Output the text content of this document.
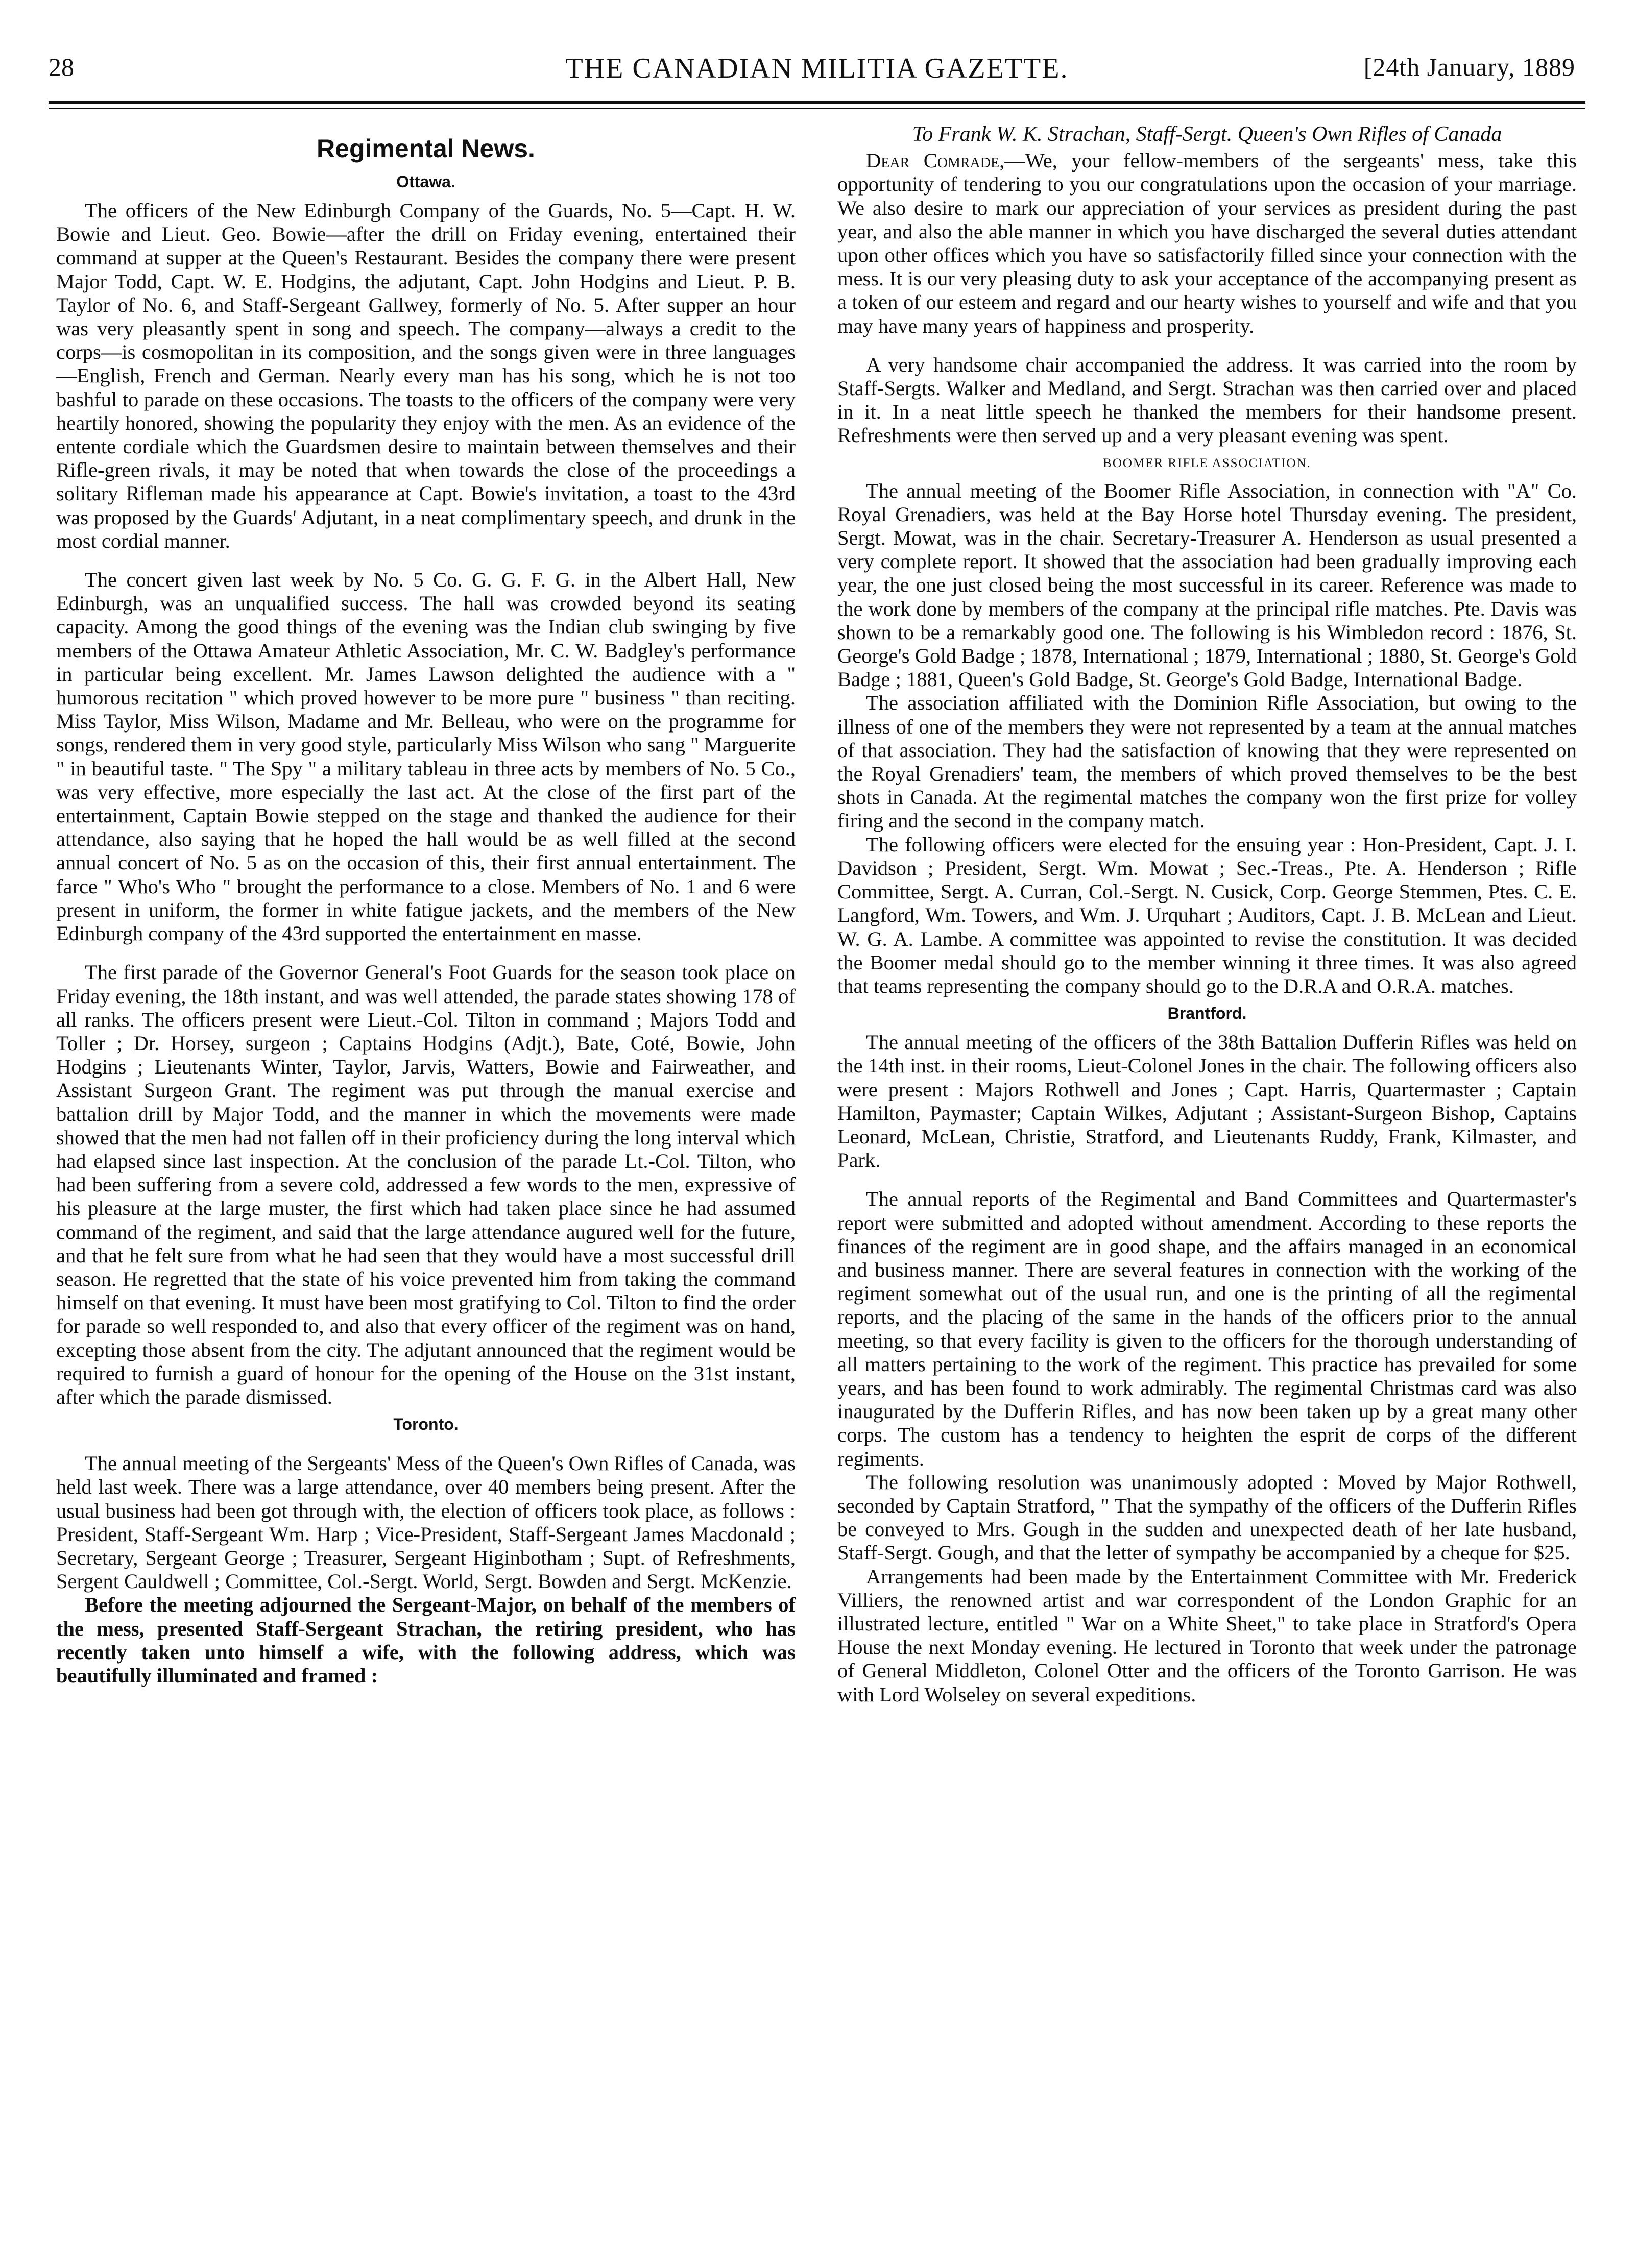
28	THE CANADIAN MILITIA GAZETTE.	[24th January, 1889
Regimental News.
Ottawa.

The officers of the New Edinburgh Company of the Guards, No. 5—Capt. H. W. Bowie and Lieut. Geo. Bowie—after the drill on Friday evening, entertained their command at supper at the Queen's Restaurant. Besides the company there were present Major Todd, Capt. W. E. Hodgins, the adjutant, Capt. John Hodgins and Lieut. P. B. Taylor of No. 6, and Staff-Sergeant Gallwey, formerly of No. 5. After supper an hour was very pleasantly spent in song and speech. The company—always a credit to the corps—is cosmopolitan in its composition, and the songs given were in three languages—English, French and German. Nearly every man has his song, which he is not too bashful to parade on these occasions. The toasts to the officers of the company were very heartily honored, showing the popularity they enjoy with the men. As an evidence of the entente cordiale which the Guardsmen desire to maintain between themselves and their Rifle-green rivals, it may be noted that when towards the close of the proceedings a solitary Rifleman made his appearance at Capt. Bowie's invitation, a toast to the 43rd was proposed by the Guards' Adjutant, in a neat complimentary speech, and drunk in the most cordial manner.

The concert given last week by No. 5 Co. G. G. F. G. in the Albert Hall, New Edinburgh, was an unqualified success. The hall was crowded beyond its seating capacity. Among the good things of the evening was the Indian club swinging by five members of the Ottawa Amateur Athletic Association, Mr. C. W. Badgley's performance in particular being excellent. Mr. James Lawson delighted the audience with a " humorous recitation " which proved however to be more pure " business " than reciting. Miss Taylor, Miss Wilson, Madame and Mr. Belleau, who were on the programme for songs, rendered them in very good style, particularly Miss Wilson who sang " Marguerite " in beautiful taste. " The Spy " a military tableau in three acts by members of No. 5 Co., was very effective, more especially the last act. At the close of the first part of the entertainment, Captain Bowie stepped on the stage and thanked the audience for their attendance, also saying that he hoped the hall would be as well filled at the second annual concert of No. 5 as on the occasion of this, their first annual entertainment. The farce " Who's Who " brought the performance to a close. Members of No. 1 and 6 were present in uniform, the former in white fatigue jackets, and the members of the New Edinburgh company of the 43rd supported the entertainment en masse.

The first parade of the Governor General's Foot Guards for the season took place on Friday evening, the 18th instant, and was well attended, the parade states showing 178 of all ranks. The officers present were Lieut.-Col. Tilton in command ; Majors Todd and Toller ; Dr. Horsey, surgeon ; Captains Hodgins (Adjt.), Bate, Coté, Bowie, John Hodgins ; Lieutenants Winter, Taylor, Jarvis, Watters, Bowie and Fairweather, and Assistant Surgeon Grant. The regiment was put through the manual exercise and battalion drill by Major Todd, and the manner in which the movements were made showed that the men had not fallen off in their proficiency during the long interval which had elapsed since last inspection. At the conclusion of the parade Lt.-Col. Tilton, who had been suffering from a severe cold, addressed a few words to the men, expressive of his pleasure at the large muster, the first which had taken place since he had assumed command of the regiment, and said that the large attendance augured well for the future, and that he felt sure from what he had seen that they would have a most successful drill season. He regretted that the state of his voice prevented him from taking the command himself on that evening. It must have been most gratifying to Col. Tilton to find the order for parade so well responded to, and also that every officer of the regiment was on hand, excepting those absent from the city. The adjutant announced that the regiment would be required to furnish a guard of honour for the opening of the House on the 31st instant, after which the parade dismissed.

Toronto.

The annual meeting of the Sergeants' Mess of the Queen's Own Rifles of Canada, was held last week. There was a large attendance, over 40 members being present. After the usual business had been got through with, the election of officers took place, as follows : President, Staff-Sergeant Wm. Harp ; Vice-President, Staff-Sergeant James Macdonald ; Secretary, Sergeant George ; Treasurer, Sergeant Higinbotham ; Supt. of Refreshments, Sergent Cauldwell ; Committee, Col.-Sergt. World, Sergt. Bowden and Sergt. McKenzie.

Before the meeting adjourned the Sergeant-Major, on behalf of the members of the mess, presented Staff-Sergeant Strachan, the retiring president, who has recently taken unto himself a wife, with the following address, which was beautifully illuminated and framed :

To Frank W. K. Strachan, Staff-Sergt. Queen's Own Rifles of Canada

Dear Comrade,—We, your fellow-members of the sergeants' mess, take this opportunity of tendering to you our congratulations upon the occasion of your marriage. We also desire to mark our appreciation of your services as president during the past year, and also the able manner in which you have discharged the several duties attendant upon other offices which you have so satisfactorily filled since your connection with the mess. It is our very pleasing duty to ask your acceptance of the accompanying present as a token of our esteem and regard and our hearty wishes to yourself and wife and that you may have many years of happiness and prosperity.

A very handsome chair accompanied the address. It was carried into the room by Staff-Sergts. Walker and Medland, and Sergt. Strachan was then carried over and placed in it. In a neat little speech he thanked the members for their handsome present. Refreshments were then served up and a very pleasant evening was spent.

BOOMER RIFLE ASSOCIATION.

The annual meeting of the Boomer Rifle Association, in connection with "A" Co. Royal Grenadiers, was held at the Bay Horse hotel Thursday evening. The president, Sergt. Mowat, was in the chair. Secretary-Treasurer A. Henderson as usual presented a very complete report. It showed that the association had been gradually improving each year, the one just closed being the most successful in its career. Reference was made to the work done by members of the company at the principal rifle matches. Pte. Davis was shown to be a remarkably good one. The following is his Wimbledon record : 1876, St. George's Gold Badge ; 1878, International ; 1879, International ; 1880, St. George's Gold Badge ; 1881, Queen's Gold Badge, St. George's Gold Badge, International Badge.

The association affiliated with the Dominion Rifle Association, but owing to the illness of one of the members they were not represented by a team at the annual matches of that association. They had the satisfaction of knowing that they were represented on the Royal Grenadiers' team, the members of which proved themselves to be the best shots in Canada. At the regimental matches the company won the first prize for volley firing and the second in the company match.

The following officers were elected for the ensuing year : Hon-President, Capt. J. I. Davidson ; President, Sergt. Wm. Mowat ; Sec.-Treas., Pte. A. Henderson ; Rifle Committee, Sergt. A. Curran, Col.-Sergt. N. Cusick, Corp. George Stemmen, Ptes. C. E. Langford, Wm. Towers, and Wm. J. Urquhart ; Auditors, Capt. J. B. McLean and Lieut. W. G. A. Lambe. A committee was appointed to revise the constitution. It was decided the Boomer medal should go to the member winning it three times. It was also agreed that teams representing the company should go to the D.R.A and O.R.A. matches.

Brantford.

The annual meeting of the officers of the 38th Battalion Dufferin Rifles was held on the 14th inst. in their rooms, Lieut-Colonel Jones in the chair. The following officers also were present : Majors Rothwell and Jones ; Capt. Harris, Quartermaster ; Captain Hamilton, Paymaster; Captain Wilkes, Adjutant ; Assistant-Surgeon Bishop, Captains Leonard, McLean, Christie, Stratford, and Lieutenants Ruddy, Frank, Kilmaster, and Park.

The annual reports of the Regimental and Band Committees and Quartermaster's report were submitted and adopted without amendment. According to these reports the finances of the regiment are in good shape, and the affairs managed in an economical and business manner. There are several features in connection with the working of the regiment somewhat out of the usual run, and one is the printing of all the regimental reports, and the placing of the same in the hands of the officers prior to the annual meeting, so that every facility is given to the officers for the thorough understanding of all matters pertaining to the work of the regiment. This practice has prevailed for some years, and has been found to work admirably. The regimental Christmas card was also inaugurated by the Dufferin Rifles, and has now been taken up by a great many other corps. The custom has a tendency to heighten the esprit de corps of the different regiments.

The following resolution was unanimously adopted : Moved by Major Rothwell, seconded by Captain Stratford, " That the sympathy of the officers of the Dufferin Rifles be conveyed to Mrs. Gough in the sudden and unexpected death of her late husband, Staff-Sergt. Gough, and that the letter of sympathy be accompanied by a cheque for $25.

Arrangements had been made by the Entertainment Committee with Mr. Frederick Villiers, the renowned artist and war correspondent of the London Graphic for an illustrated lecture, entitled " War on a White Sheet," to take place in Stratford's Opera House the next Monday evening. He lectured in Toronto that week under the patronage of General Middleton, Colonel Otter and the officers of the Toronto Garrison. He was with Lord Wolseley on several expeditions.
